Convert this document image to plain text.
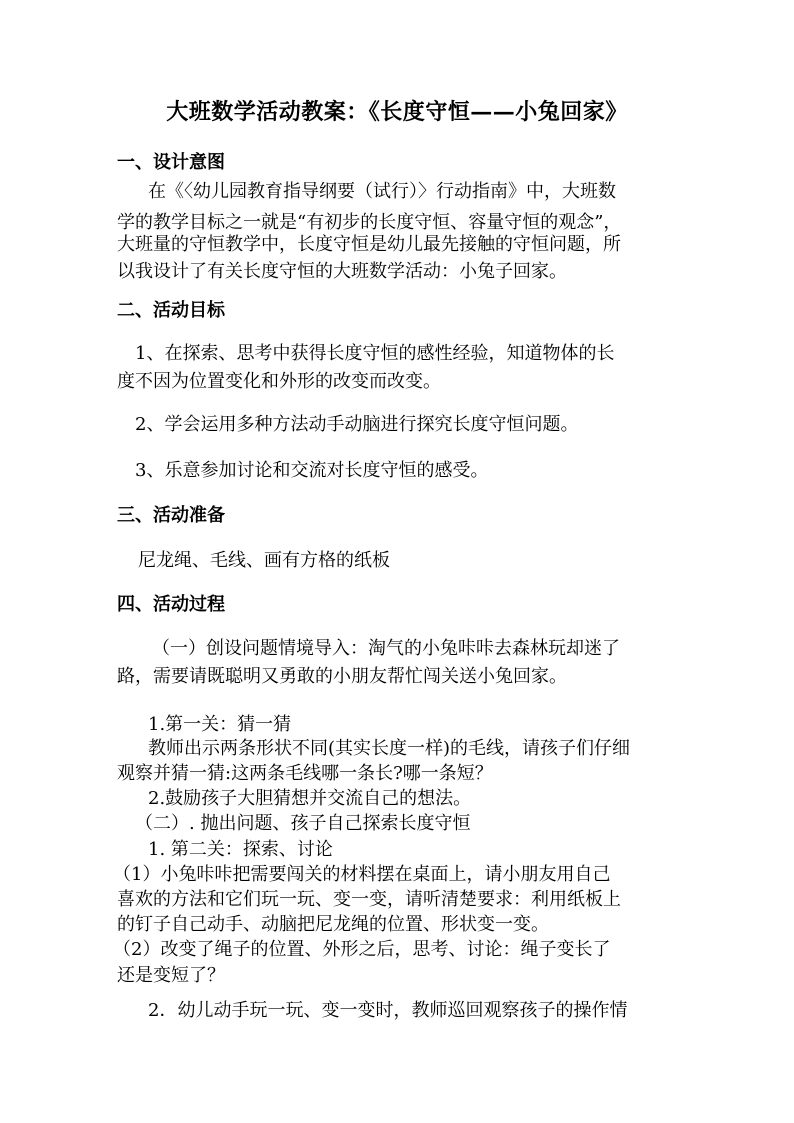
大班数学活动教案：《长度守恒——小兔回家》
一、设计意图
在《〈幼儿园教育指导纲要（试行）〉行动指南》中，大班数
学的教学目标之一就是“有初步的长度守恒、容量守恒的观念”，
大班量的守恒教学中，长度守恒是幼儿最先接触的守恒问题，所
以我设计了有关长度守恒的大班数学活动：小兔子回家。
二、活动目标
1、在探索、思考中获得长度守恒的感性经验，知道物体的长
度不因为位置变化和外形的改变而改变。
2、学会运用多种方法动手动脑进行探究长度守恒问题。
3、乐意参加讨论和交流对长度守恒的感受。
三、活动准备
尼龙绳、毛线、画有方格的纸板
四、活动过程
（一）创设问题情境导入：淘气的小兔咔咔去森林玩却迷了
路，需要请既聪明又勇敢的小朋友帮忙闯关送小兔回家。
1.第一关：猜一猜
教师出示两条形状不同(其实长度一样)的毛线，请孩子们仔细
观察并猜一猜:这两条毛线哪一条长?哪一条短？
2.鼓励孩子大胆猜想并交流自己的想法。
（二）. 抛出问题、孩子自己探索长度守恒
1. 第二关：探索、讨论
（1）小兔咔咔把需要闯关的材料摆在桌面上，请小朋友用自己
喜欢的方法和它们玩一玩、变一变，请听清楚要求：利用纸板上
的钉子自己动手、动脑把尼龙绳的位置、形状变一变。
（2）改变了绳子的位置、外形之后，思考、讨论：绳子变长了
还是变短了？
2．幼儿动手玩一玩、变一变时，教师巡回观察孩子的操作情
